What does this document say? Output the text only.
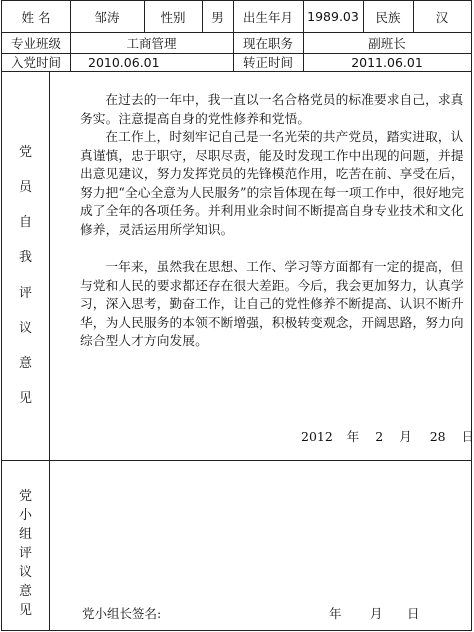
姓 名	邹涛	性别	男	出生年月	1989.03	民族	汉
专业班级	工商管理	现在职务	副班长
入党时间	2010.06.01	转正时间	2011.06.01
党
员
自
我
评
议
意
见

在过去的一年中，我一直以一名合格党员的标准要求自己，求真务实。注意提高自身的党性修养和党悟。

在工作上，时刻牢记自己是一名光荣的共产党员，踏实进取，认真谨慎，忠于职守，尽职尽责，能及时发现工作中出现的问题，并提出意见建议，努力发挥党员的先锋模范作用，吃苦在前、享受在后，努力把“全心全意为人民服务”的宗旨体现在每一项工作中，很好地完成了全年的各项任务。并利用业余时间不断提高自身专业技术和文化修养，灵活运用所学知识。

一年来，虽然我在思想、工作、学习等方面都有一定的提高，但与党和人民的要求都还存在很大差距。今后，我会更加努力，认真学习，深入思考，勤奋工作，让自己的党性修养不断提高、认识不断升华，为人民服务的本领不断增强，积极转变观念，开阔思路，努力向综合型人才方向发展。

2012 年 2 月 28 日
党
小
组
评
议
意
见	党小组长签名:	年 月 日
